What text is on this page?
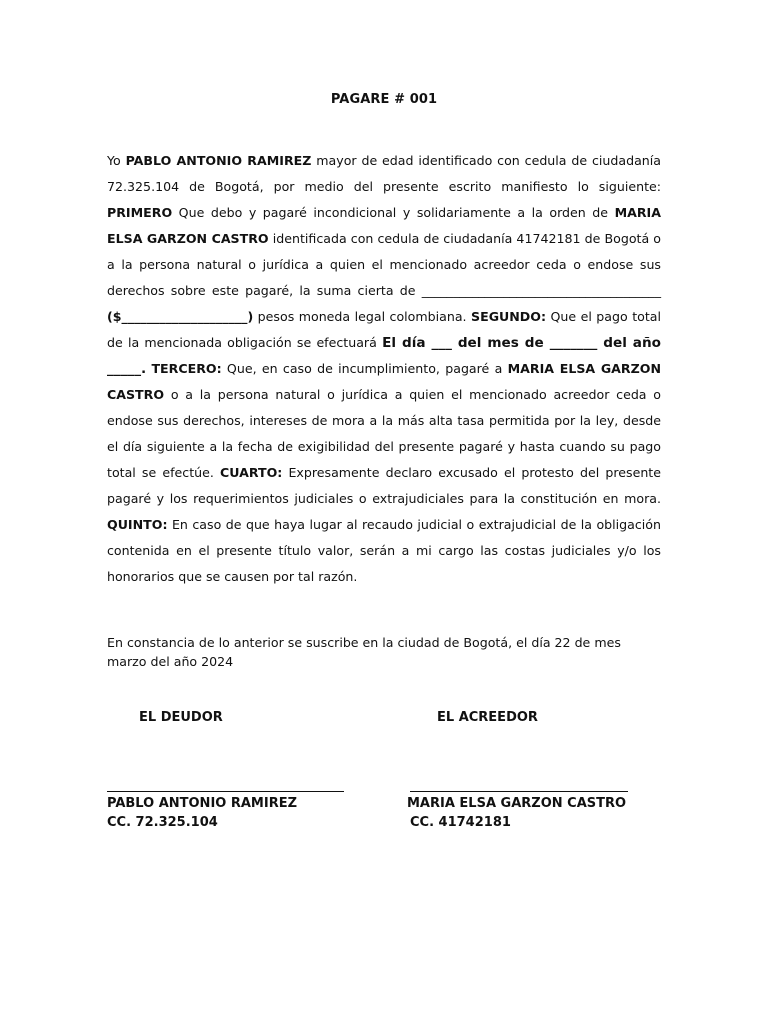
PAGARE # 001

Yo PABLO ANTONIO RAMIREZ mayor de edad identificado con cedula de ciudadanía 72.325.104 de Bogotá, por medio del presente escrito manifiesto lo siguiente: PRIMERO Que debo y pagaré incondicional y solidariamente a la orden de MARIA ELSA GARZON CASTRO identificada con cedula de ciudadanía 41742181 de Bogotá o a la persona natural o jurídica a quien el mencionado acreedor ceda o endose sus derechos sobre este pagaré, la suma cierta de ______________________________________ ($____________________) pesos moneda legal colombiana. SEGUNDO: Que el pago total de la mencionada obligación se efectuará El día ___ del mes de _______ del año _____. TERCERO: Que, en caso de incumplimiento, pagaré a MARIA ELSA GARZON CASTRO o a la persona natural o jurídica a quien el mencionado acreedor ceda o endose sus derechos, intereses de mora a la más alta tasa permitida por la ley, desde el día siguiente a la fecha de exigibilidad del presente pagaré y hasta cuando su pago total se efectúe. CUARTO: Expresamente declaro excusado el protesto del presente pagaré y los requerimientos judiciales o extrajudiciales para la constitución en mora. QUINTO: En caso de que haya lugar al recaudo judicial o extrajudicial de la obligación contenida en el presente título valor, serán a mi cargo las costas judiciales y/o los honorarios que se causen por tal razón.

En constancia de lo anterior se suscribe en la ciudad de Bogotá, el día 22 de mes marzo del año 2024

EL DEUDOR	EL ACREEDOR
PABLO ANTONIO RAMIREZ	MARIA ELSA GARZON CASTRO
CC. 72.325.104	CC. 41742181
